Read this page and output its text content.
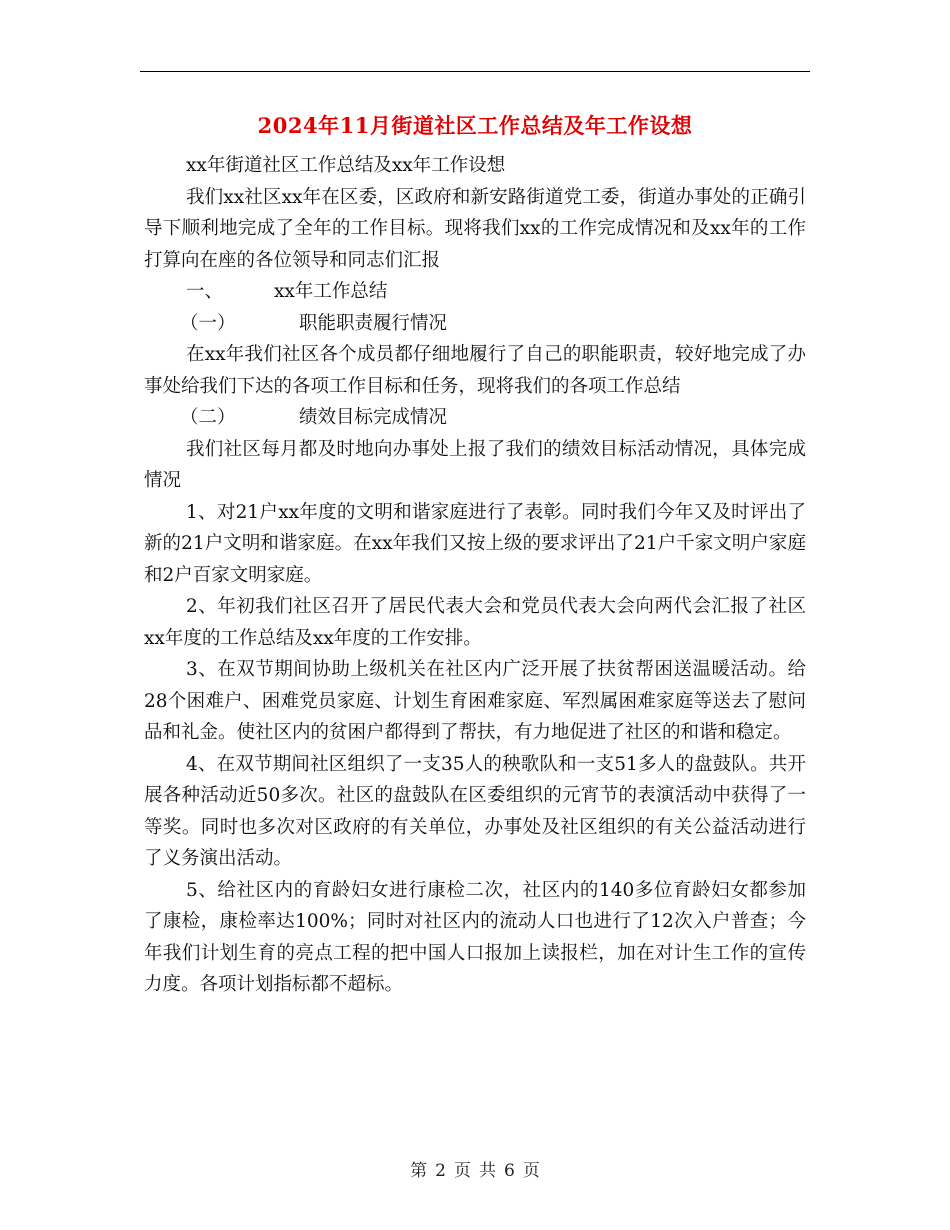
2024年11月街道社区工作总结及年工作设想

xx年街道社区工作总结及xx年工作设想

我们xx社区xx年在区委，区政府和新安路街道党工委，街道办事处的正确引导下顺利地完成了全年的工作目标。现将我们xx的工作完成情况和及xx年的工作打算向在座的各位领导和同志们汇报

一、	xx年工作总结
（一）	职能职责履行情况

在xx年我们社区各个成员都仔细地履行了自己的职能职责，较好地完成了办事处给我们下达的各项工作目标和任务，现将我们的各项工作总结

（二）	绩效目标完成情况

我们社区每月都及时地向办事处上报了我们的绩效目标活动情况，具体完成情况

1、对21户xx年度的文明和谐家庭进行了表彰。同时我们今年又及时评出了新的21户文明和谐家庭。在xx年我们又按上级的要求评出了21户千家文明户家庭和2户百家文明家庭。

2、年初我们社区召开了居民代表大会和党员代表大会向两代会汇报了社区xx年度的工作总结及xx年度的工作安排。

3、在双节期间协助上级机关在社区内广泛开展了扶贫帮困送温暖活动。给28个困难户、困难党员家庭、计划生育困难家庭、军烈属困难家庭等送去了慰问品和礼金。使社区内的贫困户都得到了帮扶，有力地促进了社区的和谐和稳定。

4、在双节期间社区组织了一支35人的秧歌队和一支51多人的盘鼓队。共开展各种活动近50多次。社区的盘鼓队在区委组织的元宵节的表演活动中获得了一等奖。同时也多次对区政府的有关单位，办事处及社区组织的有关公益活动进行了义务演出活动。

5、给社区内的育龄妇女进行康检二次，社区内的140多位育龄妇女都参加了康检，康检率达100%；同时对社区内的流动人口也进行了12次入户普查；今年我们计划生育的亮点工程的把中国人口报加上读报栏，加在对计生工作的宣传力度。各项计划指标都不超标。

第 2 页 共 6 页
